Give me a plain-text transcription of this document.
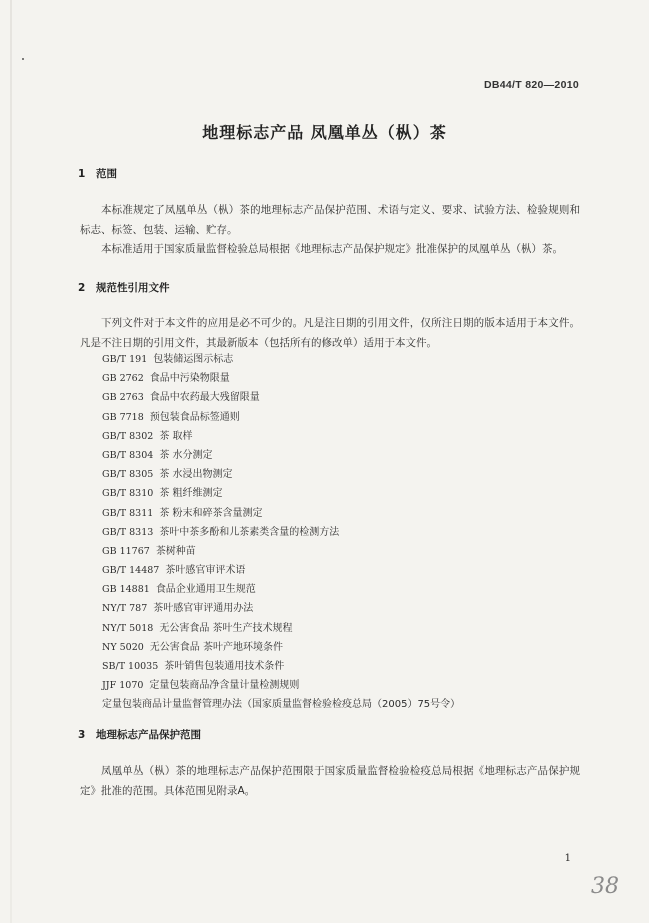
DB44/T 820—2010
地理标志产品 凤凰单丛（枞）茶
1 范围
本标准规定了凤凰单丛（枞）茶的地理标志产品保护范围、术语与定义、要求、试验方法、检验规则和标志、标签、包装、运输、贮存。
本标准适用于国家质量监督检验总局根据《地理标志产品保护规定》批准保护的凤凰单丛（枞）茶。
2 规范性引用文件
下列文件对于本文件的应用是必不可少的。凡是注日期的引用文件，仅所注日期的版本适用于本文件。凡是不注日期的引用文件，其最新版本（包括所有的修改单）适用于本文件。
GB/T 191 包装储运图示标志
GB 2762 食品中污染物限量
GB 2763 食品中农药最大残留限量
GB 7718 预包装食品标签通则
GB/T 8302 茶 取样
GB/T 8304 茶 水分测定
GB/T 8305 茶 水浸出物测定
GB/T 8310 茶 粗纤维测定
GB/T 8311 茶 粉末和碎茶含量测定
GB/T 8313 茶叶中茶多酚和儿茶素类含量的检测方法
GB 11767 茶树种苗
GB/T 14487 茶叶感官审评术语
GB 14881 食品企业通用卫生规范
NY/T 787 茶叶感官审评通用办法
NY/T 5018 无公害食品 茶叶生产技术规程
NY 5020 无公害食品 茶叶产地环境条件
SB/T 10035 茶叶销售包装通用技术条件
JJF 1070 定量包装商品净含量计量检测规则
定量包装商品计量监督管理办法（国家质量监督检验检疫总局（2005）75号令）
3 地理标志产品保护范围
凤凰单丛（枞）茶的地理标志产品保护范围限于国家质量监督检验检疫总局根据《地理标志产品保护规定》批准的范围。具体范围见附录A。
1
38
